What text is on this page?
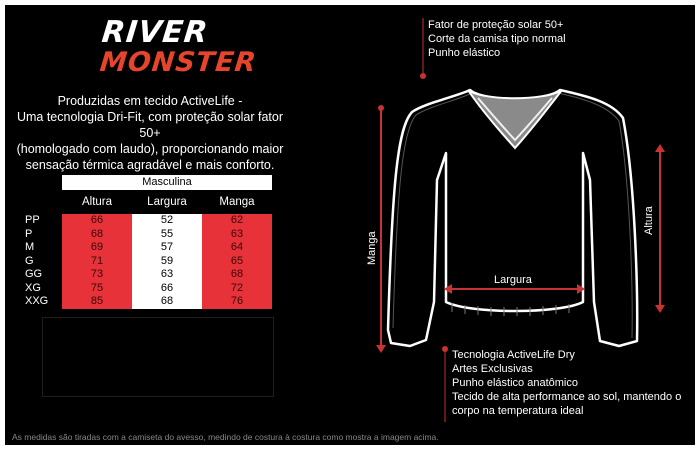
RIVER
MONSTER
Produzidas em tecido ActiveLife -
Uma tecnologia Dri-Fit, com proteção solar fator 50+
(homologado com laudo), proporcionando maior
sensação térmica agradável e mais conforto.
Masculina
Altura	Largura	Manga
PP
P
M
G
GG
XG
XXG
66
68
69
71
73
75
85
52
55
57
59
63
66
68
62
63
64
65
68
72
76
Manga
Largura
Altura
Fator de proteção solar 50+
Corte da camisa tipo normal
Punho elástico
Tecnologia ActiveLife Dry
Artes Exclusivas
Punho elástico anatômico
Tecido de alta performance ao sol, mantendo o
corpo na temperatura ideal
As medidas são tiradas com a camiseta do avesso, medindo de costura à costura como mostra a imagem acima.
